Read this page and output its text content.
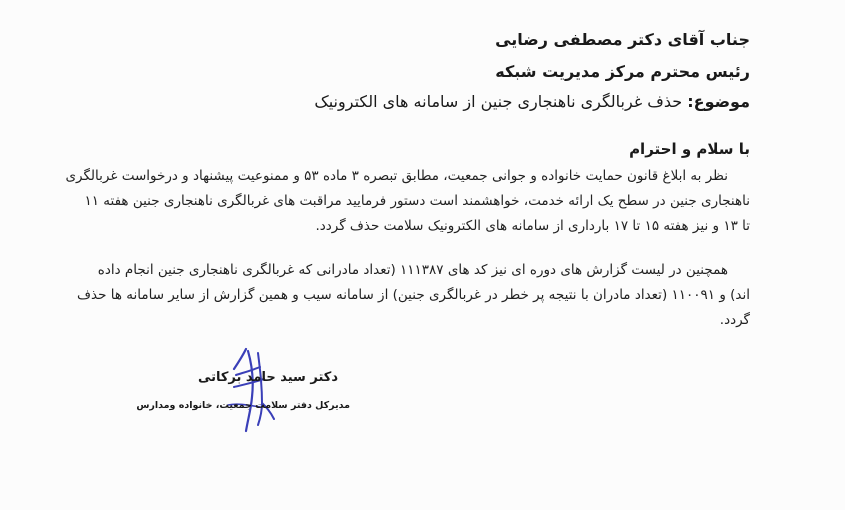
جناب آقای دکتر مصطفی رضایی
رئیس محترم مرکز مدیریت شبکه
موضوع: حذف غربالگری ناهنجاری جنین از سامانه های الکترونیک
با سلام و احترام
نظر به ابلاغ قانون حمایت خانواده و جوانی جمعیت، مطابق تبصره ۳ ماده ۵۳ و ممنوعیت پیشنهاد و درخواست غربالگری
ناهنجاری جنین در سطح یک ارائه خدمت، خواهشمند است دستور فرمایید مراقبت های غربالگری ناهنجاری جنین هفته ۱۱
تا ۱۳ و نیز هفته ۱۵ تا ۱۷ بارداری از سامانه های الکترونیک سلامت حذف گردد.
همچنین در لیست گزارش های دوره ای نیز کد های ۱۱۱۳۸۷ (تعداد مادرانی که غربالگری ناهنجاری جنین انجام داده
اند) و ۱۱۰۰۹۱ (تعداد مادران با نتیجه پر خطر در غربالگری جنین) از سامانه سیب و همین گزارش از سایر سامانه ها حذف
گردد.
دکتر سید حامد برکاتی
مدیرکل دفتر سلامت جمعیت، خانواده ومدارس
